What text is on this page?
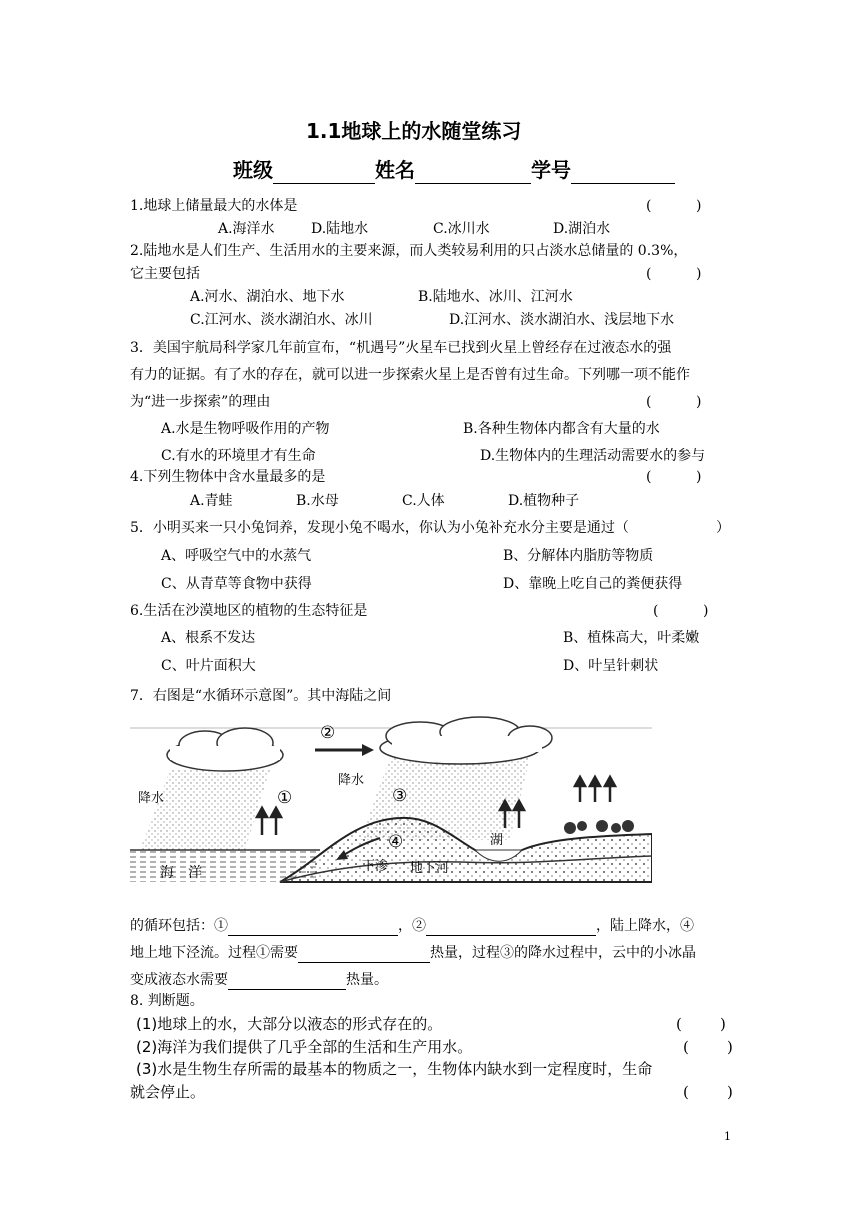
1.1地球上的水随堂练习
班级	姓名	学号
1.地球上储量最大的水体是	(          )
A.海洋水	D.陆地水	C.冰川水	D.湖泊水
2.陆地水是人们生产、生活用水的主要来源，而人类较易利用的只占淡水总储量的 0.3%，
它主要包括	(          )
A.河水、湖泊水、地下水	B.陆地水、冰川、江河水
C.江河水、淡水湖泊水、冰川	D.江河水、淡水湖泊水、浅层地下水
3．美国宇航局科学家几年前宣布，“机遇号”火星车已找到火星上曾经存在过液态水的强
有力的证据。有了水的存在，就可以进一步探索火星上是否曾有过生命。下列哪一项不能作
为“进一步探索”的理由	(          )
A.水是生物呼吸作用的产物	B.各种生物体内都含有大量的水
C.有水的环境里才有生命	D.生物体内的生理活动需要水的参与
4.下列生物体中含水量最多的是	(          )
A.青蛙	B.水母	C.人体	D.植物种子
5．小明买来一只小兔饲养，发现小兔不喝水，你认为小兔补充水分主要是通过（	）
A、呼吸空气中的水蒸气	B、分解体内脂肪等物质
C、从青草等食物中获得	D、靠晚上吃自己的粪便获得
6.生活在沙漠地区的植物的生态特征是	(          )
A、根系不发达	B、植株高大，叶柔嫩
C、叶片面积大	D、叶呈针刺状
7．右图是“水循环示意图”。其中海陆之间
②
①	③
降水
降水
海　洋
湖
下渗 地下河
的循环包括：①	，②	，陆上降水，④
地上地下泾流。过程①需要	热量，过程③的降水过程中，云中的小冰晶
变成液态水需要	热量。
8. 判断题。
(1)地球上的水，大部分以液态的形式存在的。	(        )
(2)海洋为我们提供了几乎全部的生活和生产用水。	(        )
(3)水是生物生存所需的最基本的物质之一，生物体内缺水到一定程度时，生命
就会停止。	(        )
1
